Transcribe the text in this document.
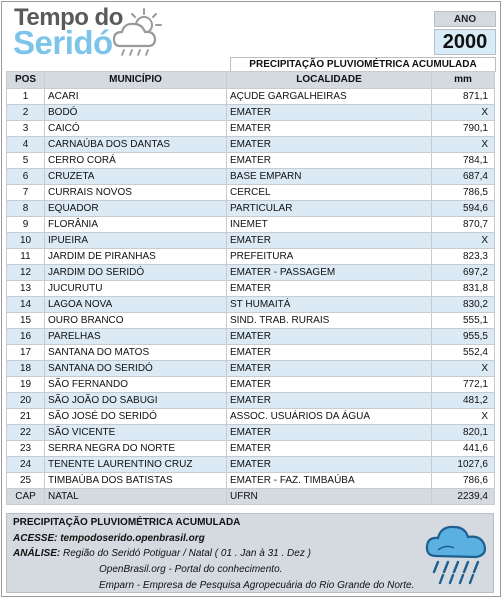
Tempo do
Seridó
ANO
2000
PRECIPITAÇÃO PLUVIOMÉTRICA ACUMULADA
POS	MUNICÍPIO	LOCALIDADE	mm
1	ACARI	AÇUDE GARGALHEIRAS	871,1
2	BODÓ	EMATER	X
3	CAICÓ	EMATER	790,1
4	CARNAÚBA DOS DANTAS	EMATER	X
5	CERRO CORÁ	EMATER	784,1
6	CRUZETA	BASE EMPARN	687,4
7	CURRAIS NOVOS	CERCEL	786,5
8	EQUADOR	PARTICULAR	594,6
9	FLORÂNIA	INEMET	870,7
10	IPUEIRA	EMATER	X
11	JARDIM DE PIRANHAS	PREFEITURA	823,3
12	JARDIM DO SERIDÓ	EMATER - PASSAGEM	697,2
13	JUCURUTU	EMATER	831,8
14	LAGOA NOVA	ST HUMAITÁ	830,2
15	OURO BRANCO	SIND. TRAB. RURAIS	555,1
16	PARELHAS	EMATER	955,5
17	SANTANA DO MATOS	EMATER	552,4
18	SANTANA DO SERIDÓ	EMATER	X
19	SÃO FERNANDO	EMATER	772,1
20	SÃO JOÃO DO SABUGI	EMATER	481,2
21	SÃO JOSÉ DO SERIDÓ	ASSOC. USUÁRIOS DA ÁGUA	X
22	SÃO VICENTE	EMATER	820,1
23	SERRA NEGRA DO NORTE	EMATER	441,6
24	TENENTE LAURENTINO CRUZ	EMATER	1027,6
25	TIMBAÚBA DOS BATISTAS	EMATER - FAZ. TIMBAÚBA	786,6
CAP	NATAL	UFRN	2239,4
PRECIPITAÇÃO PLUVIOMÉTRICA ACUMULADA
ACESSE: tempodoserido.openbrasil.org
ANÁLISE: Região do Seridó Potiguar / Natal ( 01 . Jan à 31 . Dez )
OpenBrasil.org - Portal do conhecimento.
Emparn - Empresa de Pesquisa Agropecuária do Rio Grande do Norte.
